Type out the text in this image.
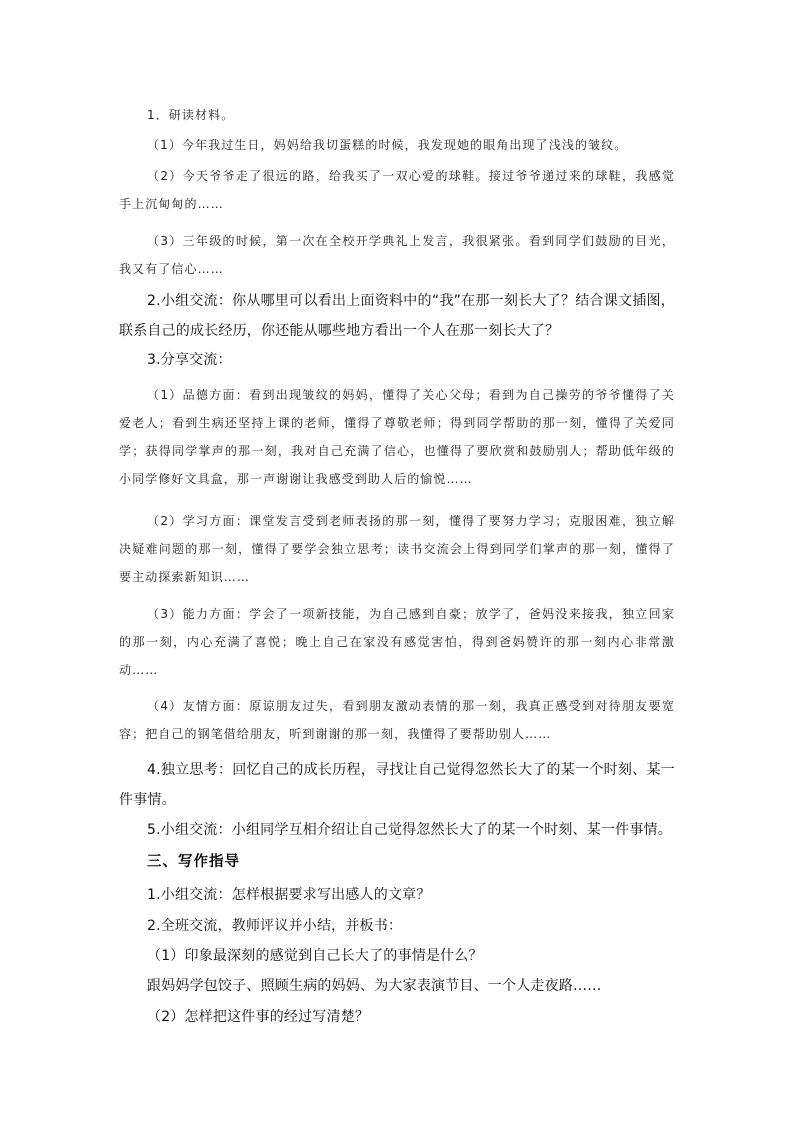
1．研读材料。

（1）今年我过生日，妈妈给我切蛋糕的时候，我发现她的眼角出现了浅浅的皱纹。

（2）今天爷爷走了很远的路，给我买了一双心爱的球鞋。接过爷爷递过来的球鞋，我感觉手上沉甸甸的……

（3）三年级的时候，第一次在全校开学典礼上发言，我很紧张。看到同学们鼓励的目光，我又有了信心……

2.小组交流：你从哪里可以看出上面资料中的“我”在那一刻长大了？结合课文插图，联系自己的成长经历，你还能从哪些地方看出一个人在那一刻长大了？

3.分享交流：

（1）品德方面：看到出现皱纹的妈妈，懂得了关心父母；看到为自己操劳的爷爷懂得了关爱老人；看到生病还坚持上课的老师，懂得了尊敬老师；得到同学帮助的那一刻，懂得了关爱同学；获得同学掌声的那一刻，我对自己充满了信心，也懂得了要欣赏和鼓励别人；帮助低年级的小同学修好文具盒，那一声谢谢让我感受到助人后的愉悦……

（2）学习方面：课堂发言受到老师表扬的那一刻，懂得了要努力学习；克服困难，独立解决疑难问题的那一刻，懂得了要学会独立思考；读书交流会上得到同学们掌声的那一刻，懂得了要主动探索新知识……

（3）能力方面：学会了一项新技能，为自己感到自豪；放学了，爸妈没来接我，独立回家的那一刻，内心充满了喜悦；晚上自己在家没有感觉害怕，得到爸妈赞许的那一刻内心非常激动……

（4）友情方面：原谅朋友过失，看到朋友激动表情的那一刻，我真正感受到对待朋友要宽容；把自己的钢笔借给朋友，听到谢谢的那一刻，我懂得了要帮助别人……

4.独立思考：回忆自己的成长历程，寻找让自己觉得忽然长大了的某一个时刻、某一件事情。

5.小组交流：小组同学互相介绍让自己觉得忽然长大了的某一个时刻、某一件事情。

三、写作指导

1.小组交流：怎样根据要求写出感人的文章？

2.全班交流，教师评议并小结，并板书：

（1）印象最深刻的感觉到自己长大了的事情是什么？

跟妈妈学包饺子、照顾生病的妈妈、为大家表演节目、一个人走夜路……

（2）怎样把这件事的经过写清楚？
